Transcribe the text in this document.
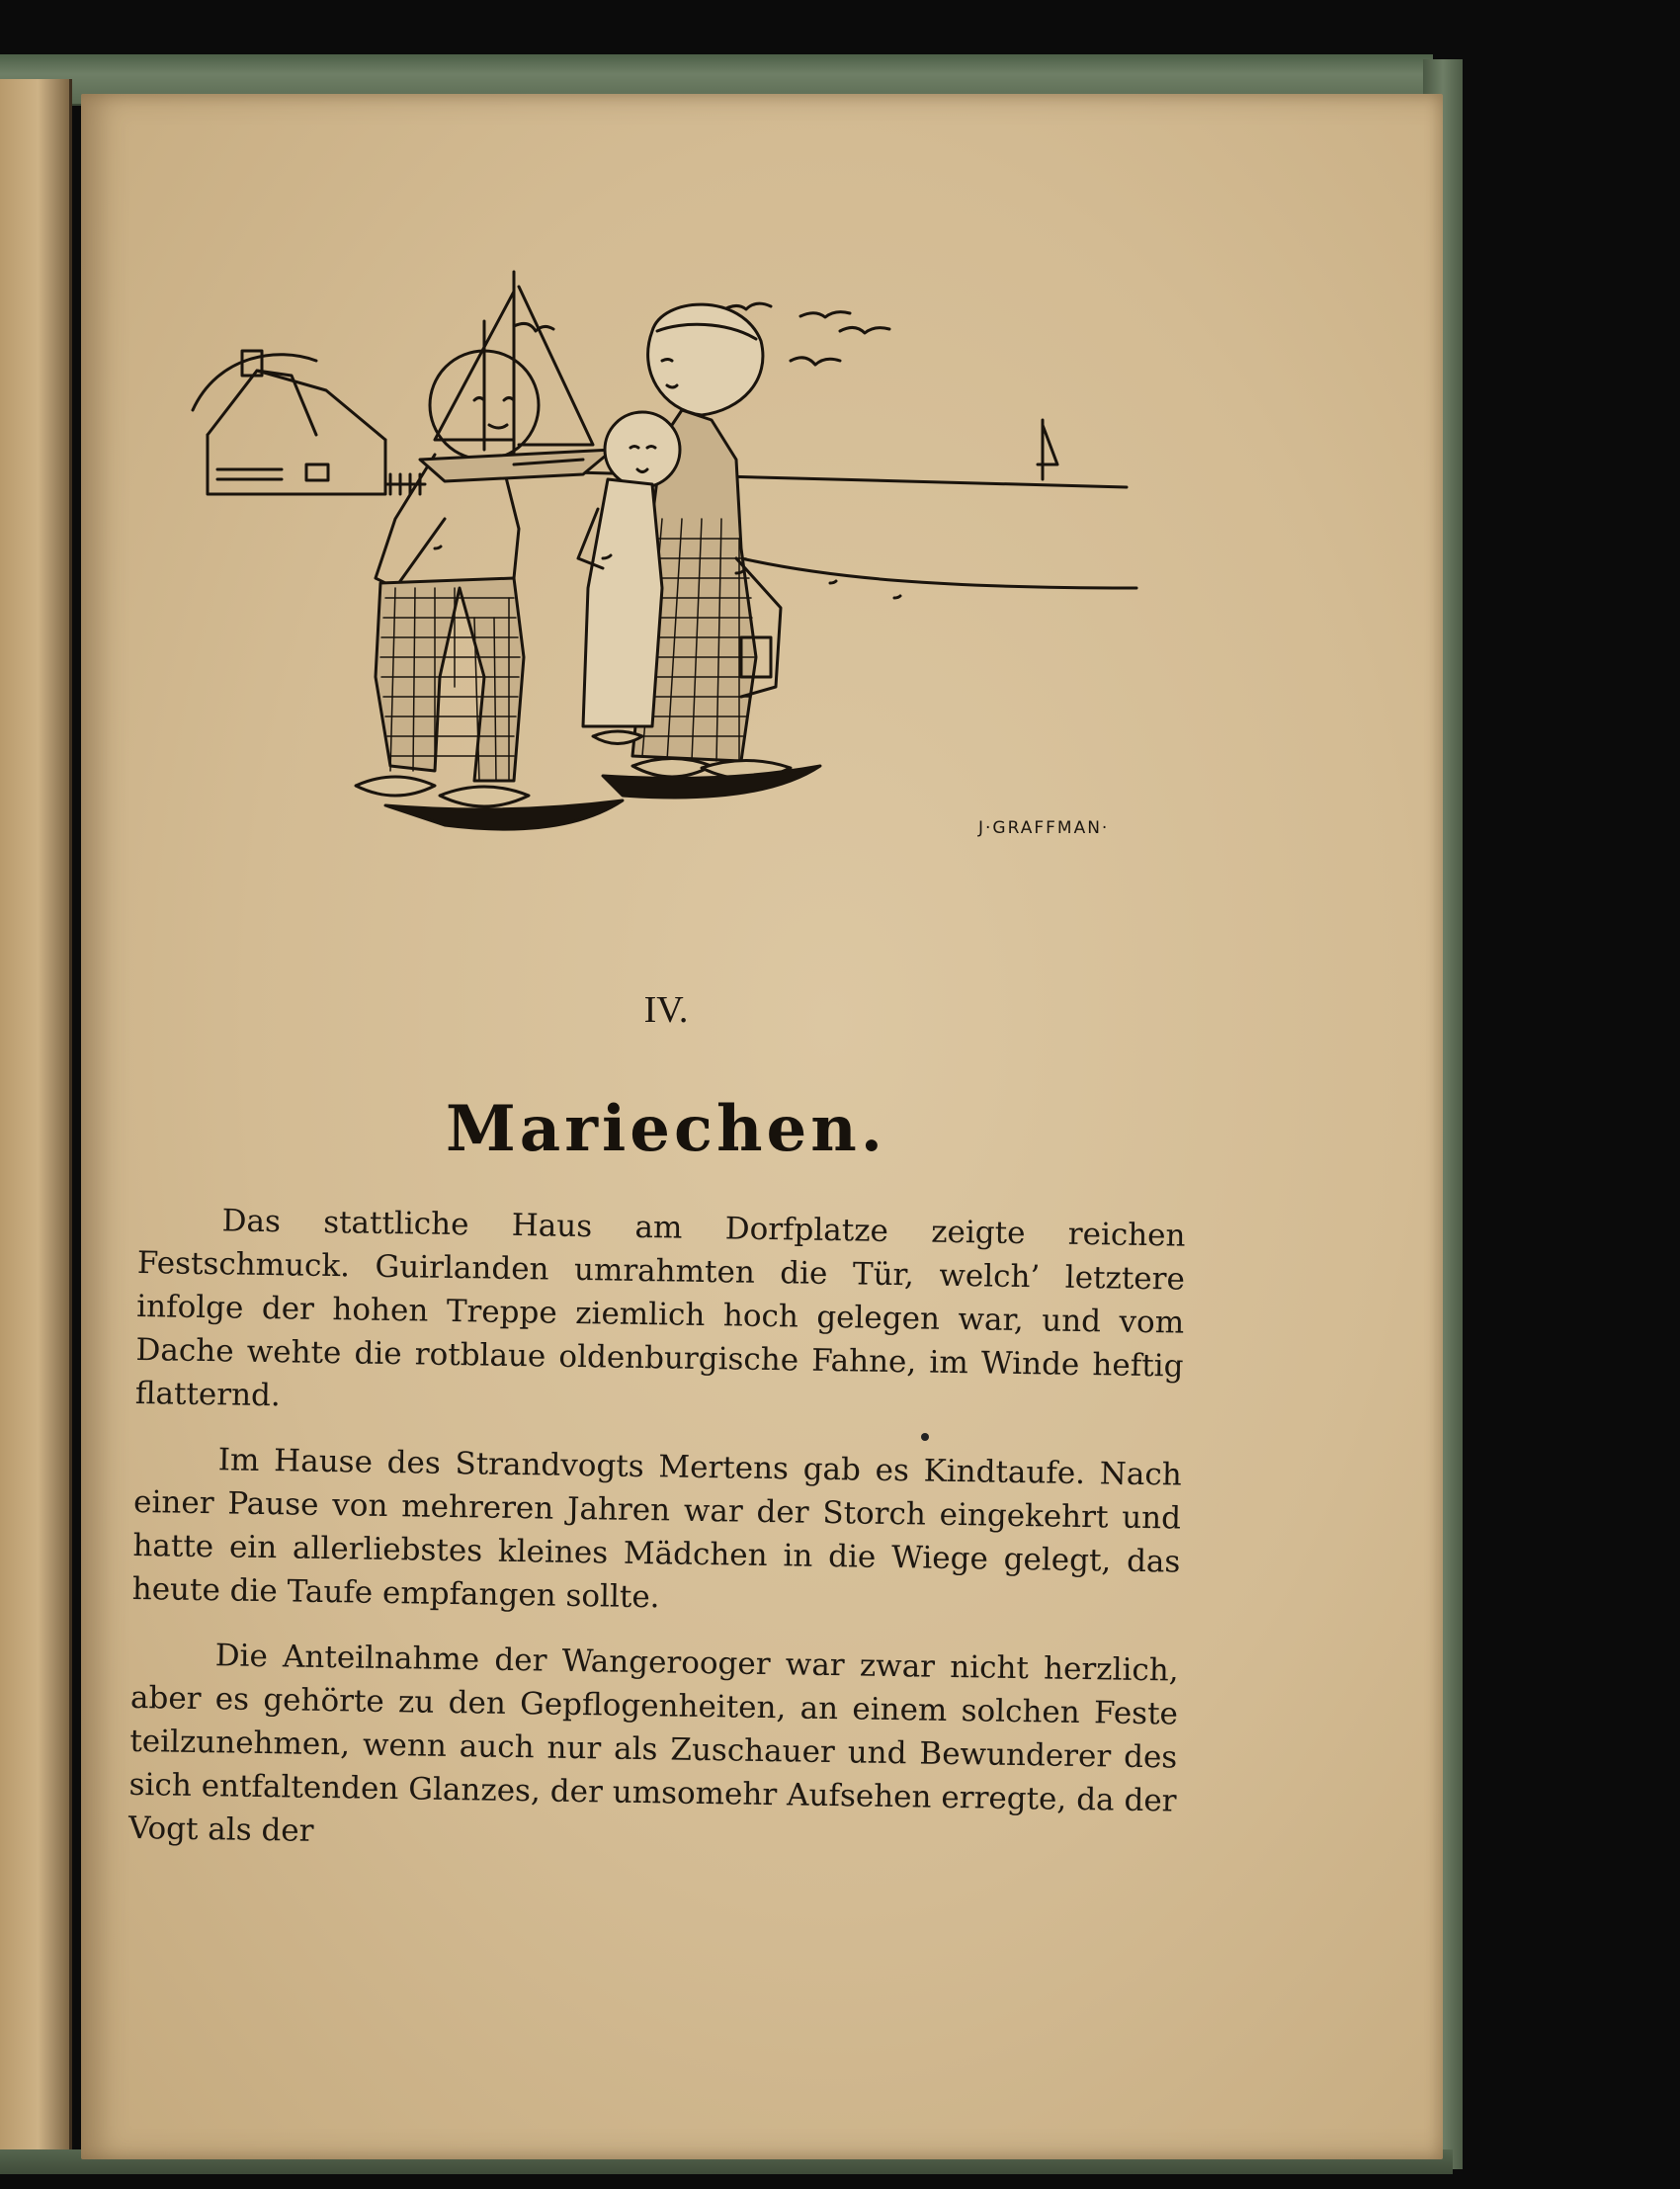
J·GRAFFMAN·
IV.
Mariechen.

Das stattliche Haus am Dorfplatze zeigte reichen Festschmuck. Guirlanden umrahmten die Tür, welch’ letztere infolge der hohen Treppe ziemlich hoch gelegen war, und vom Dache wehte die rotblaue oldenburgische Fahne, im Winde heftig flatternd.

Im Hause des Strandvogts Mertens gab es Kindtaufe. Nach einer Pause von mehreren Jahren war der Storch eingekehrt und hatte ein allerliebstes kleines Mädchen in die Wiege gelegt, das heute die Taufe empfangen sollte.

Die Anteilnahme der Wangerooger war zwar nicht herzlich, aber es gehörte zu den Gepflogenheiten, an einem solchen Feste teilzunehmen, wenn auch nur als Zuschauer und Bewunderer des sich entfaltenden Glanzes, der umsomehr Aufsehen erregte, da der Vogt als der
